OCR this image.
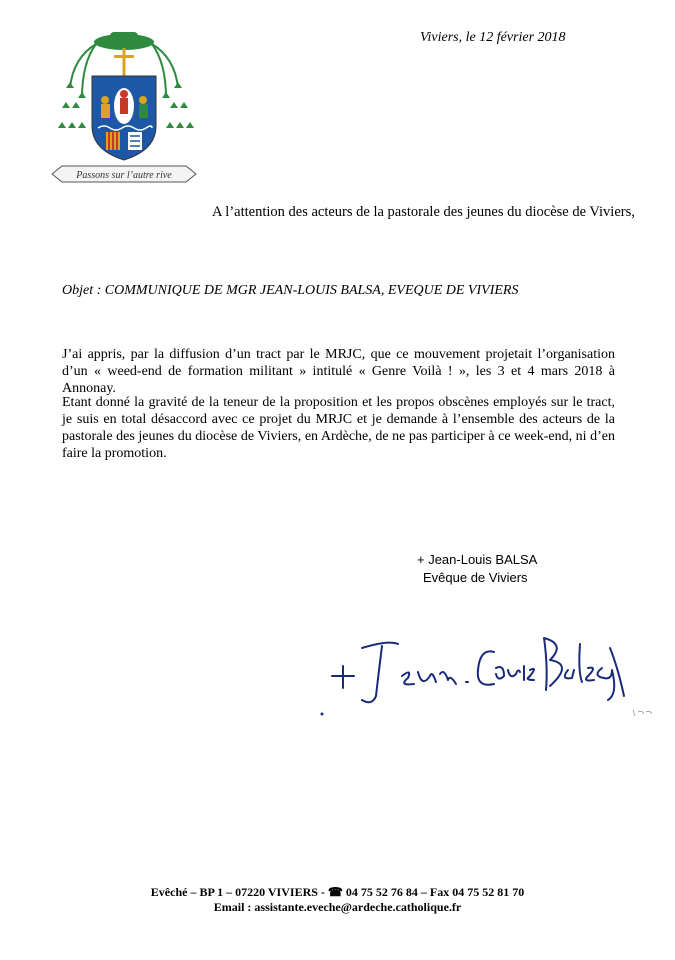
Passons sur l’autre rive
Viviers, le 12 février 2018
A l’attention des acteurs de la pastorale des jeunes du diocèse de Viviers,
Objet : COMMUNIQUE DE MGR JEAN-LOUIS BALSA, EVEQUE DE VIVIERS
J’ai appris, par la diffusion d’un tract par le MRJC, que ce mouvement projetait l’organisation d’un « weed-end de formation militant » intitulé « Genre Voilà ! », les 3 et 4 mars 2018 à Annonay.
Etant donné la gravité de la teneur de la proposition et les propos obscènes employés sur le tract, je suis en total désaccord avec ce projet du MRJC et je demande à l’ensemble des acteurs de la pastorale des jeunes du diocèse de Viviers, en Ardèche, de ne pas participer à ce week-end, ni d’en faire la promotion.
+ Jean-Louis BALSA
Evêque de Viviers
+ Jean Louis Balsa
Evêché – BP 1 – 07220 VIVIERS - ☎ 04 75 52 76 84 – Fax 04 75 52 81 70
Email : assistante.eveche@ardeche.catholique.fr
